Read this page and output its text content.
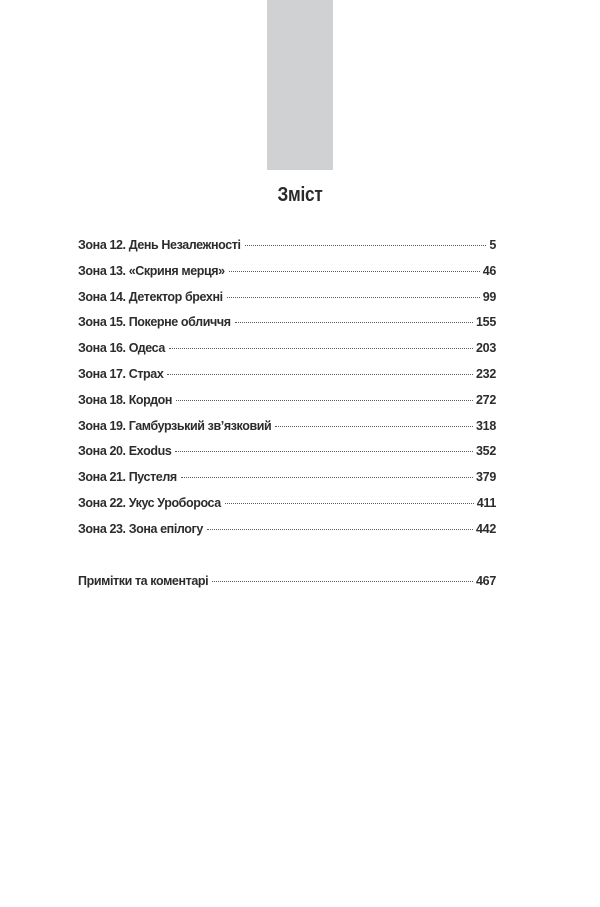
Зміст
Зона 12. День Незалежності	5
Зона 13. «Скриня мерця»	46
Зона 14. Детектор брехні	99
Зона 15. Покерне обличчя	155
Зона 16. Одеса	203
Зона 17. Страх	232
Зона 18. Кордон	272
Зона 19. Гамбурзький зв’язковий	318
Зона 20. Exodus	352
Зона 21. Пустеля	379
Зона 22. Укус Уробороса	411
Зона 23. Зона епілогу	442
Примітки та коментарі	467
